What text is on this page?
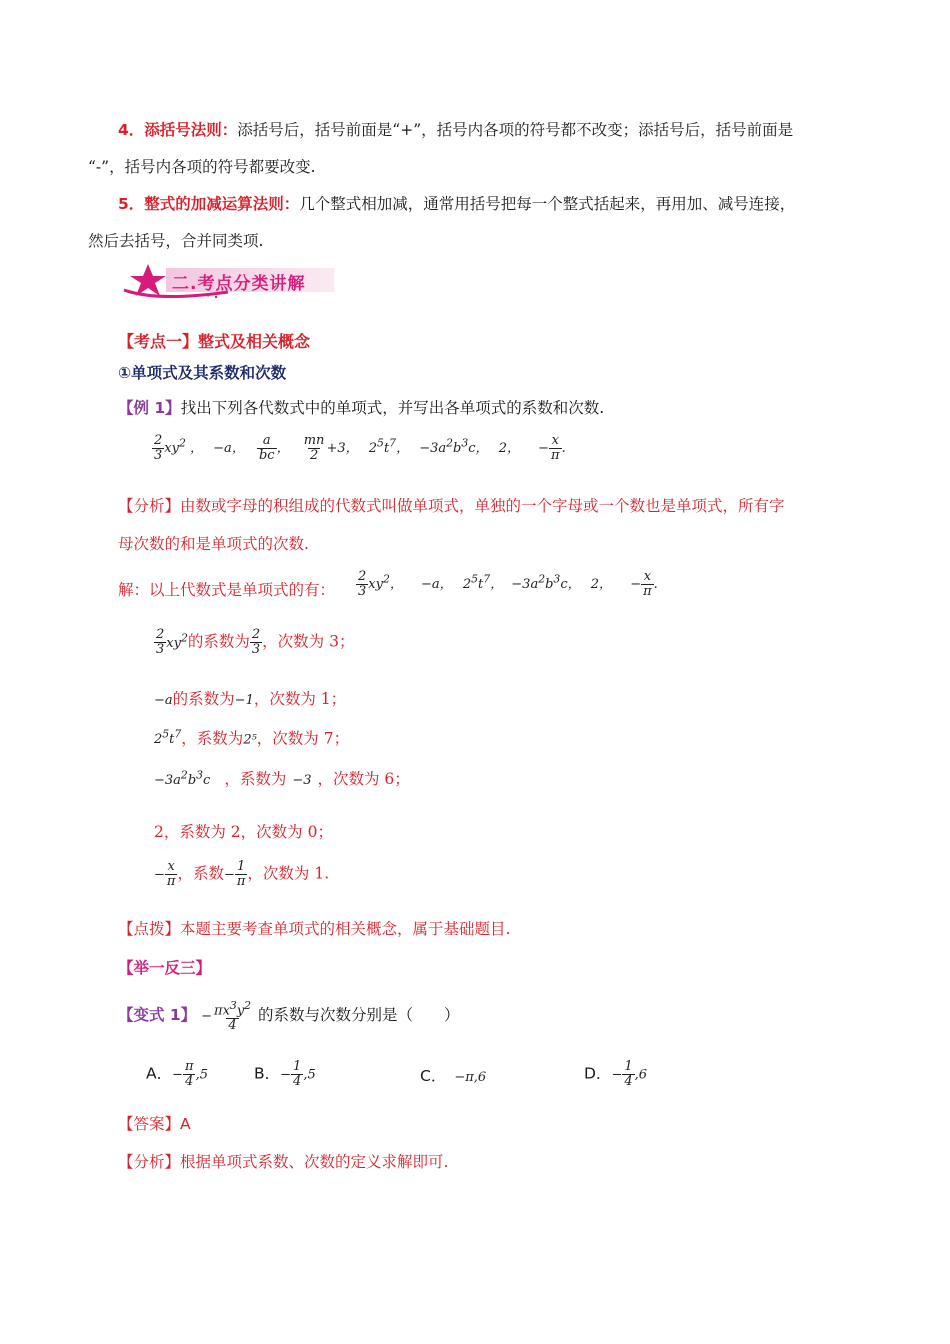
4．添括号法则：添括号后，括号前面是“+”，括号内各项的符号都不改变；添括号后，括号前面是
“-”，括号内各项的符号都要改变.
5．整式的加减运算法则：几个整式相加减，通常用括号把每一个整式括起来，再用加、减号连接，
然后去括号，合并同类项.
二.考点分类讲解
【考点一】整式及相关概念
①单项式及其系数和次数
【例 1】找出下列各代数式中的单项式，并写出各单项式的系数和次数.
$\frac{2}{3} xy^2$ ， −a， $\frac{a}{bc}$ ， $\frac{mn}{2} +3$， $2^5t^7$， $-3a^2b^3c$， 2， − $\frac{x}{\pi}$ .
【分析】由数或字母的积组成的代数式叫做单项式，单独的一个字母或一个数也是单项式，所有字
母次数的和是单项式的次数.
解：以上代数式是单项式的有： $\frac{2}{3} xy^2$， −a， $2^5t^7$， $-3a^2b^3c$， 2， − $\frac{x}{\pi}$ .
$\frac{2}{3} xy^2$的系数为 $\frac{2}{3}$ ，次数为 3；
−a的系数为−1，次数为 1；
$2^5t^7$，系数为2⁵，次数为 7；
$-3a^2b^3c$ ，系数为 −3 ，次数为 6；
2，系数为 2，次数为 0；
− $\frac{x}{\pi}$ ，系数− $\frac{1}{\pi}$ ，次数为 1.
【点拨】本题主要考查单项式的相关概念，属于基础题目.
【举一反三】
【变式 1】 − $\frac{\pi x^3y^2}{4}$ 的系数与次数分别是（　　）
A．− $\frac{\pi}{4} ,5$	B．− $\frac{1}{4} ,5$	C． −π,6	D．− $\frac{1}{4} ,6$
【答案】A
【分析】根据单项式系数、次数的定义求解即可.
